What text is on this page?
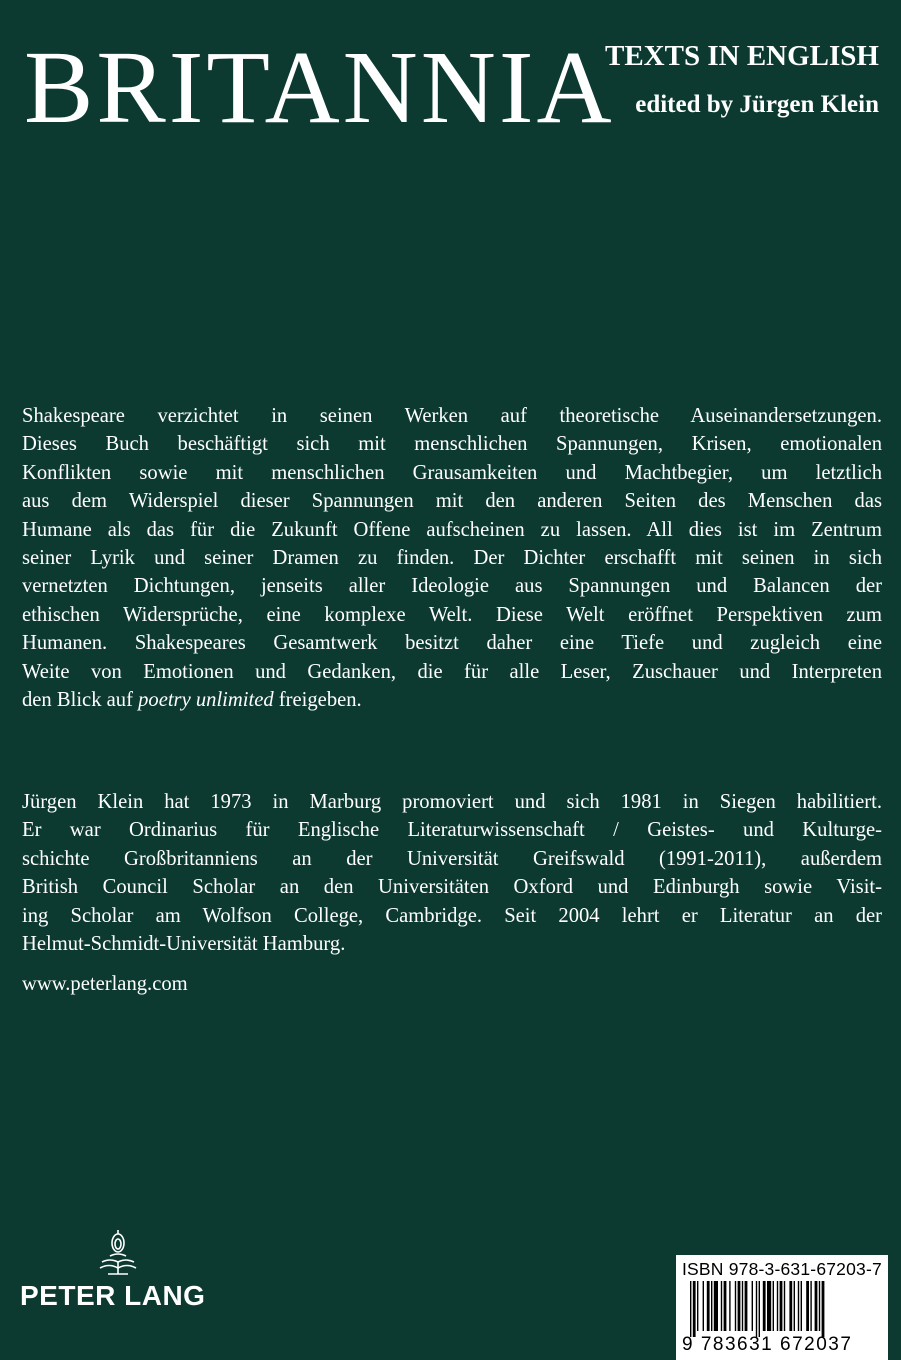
BRITANNIA
TEXTS IN ENGLISH
edited by Jürgen Klein

Shakespeare verzichtet in seinen Werken auf theoretische Auseinandersetzungen.
Dieses Buch beschäftigt sich mit menschlichen Spannungen, Krisen, emotionalen
Konflikten sowie mit menschlichen Grausamkeiten und Machtbegier, um letztlich
aus dem Widerspiel dieser Spannungen mit den anderen Seiten des Menschen das
Humane als das für die Zukunft Offene aufscheinen zu lassen. All dies ist im Zentrum
seiner Lyrik und seiner Dramen zu finden. Der Dichter erschafft mit seinen in sich
vernetzten Dichtungen, jenseits aller Ideologie aus Spannungen und Balancen der
ethischen Widersprüche, eine komplexe Welt. Diese Welt eröffnet Perspektiven zum
Humanen. Shakespeares Gesamtwerk besitzt daher eine Tiefe und zugleich eine
Weite von Emotionen und Gedanken, die für alle Leser, Zuschauer und Interpreten
den Blick auf poetry unlimited freigeben.

Jürgen Klein hat 1973 in Marburg promoviert und sich 1981 in Siegen habilitiert.
Er war Ordinarius für Englische Literaturwissenschaft / Geistes- und Kulturge-
schichte Großbritanniens an der Universität Greifswald (1991-2011), außerdem
British Council Scholar an den Universitäten Oxford und Edinburgh sowie Visit-
ing Scholar am Wolfson College, Cambridge. Seit 2004 lehrt er Literatur an der
Helmut-Schmidt-Universität Hamburg.

www.peterlang.com
PETER LANG
ISBN 978-3-631-67203-7
9 783631 672037
